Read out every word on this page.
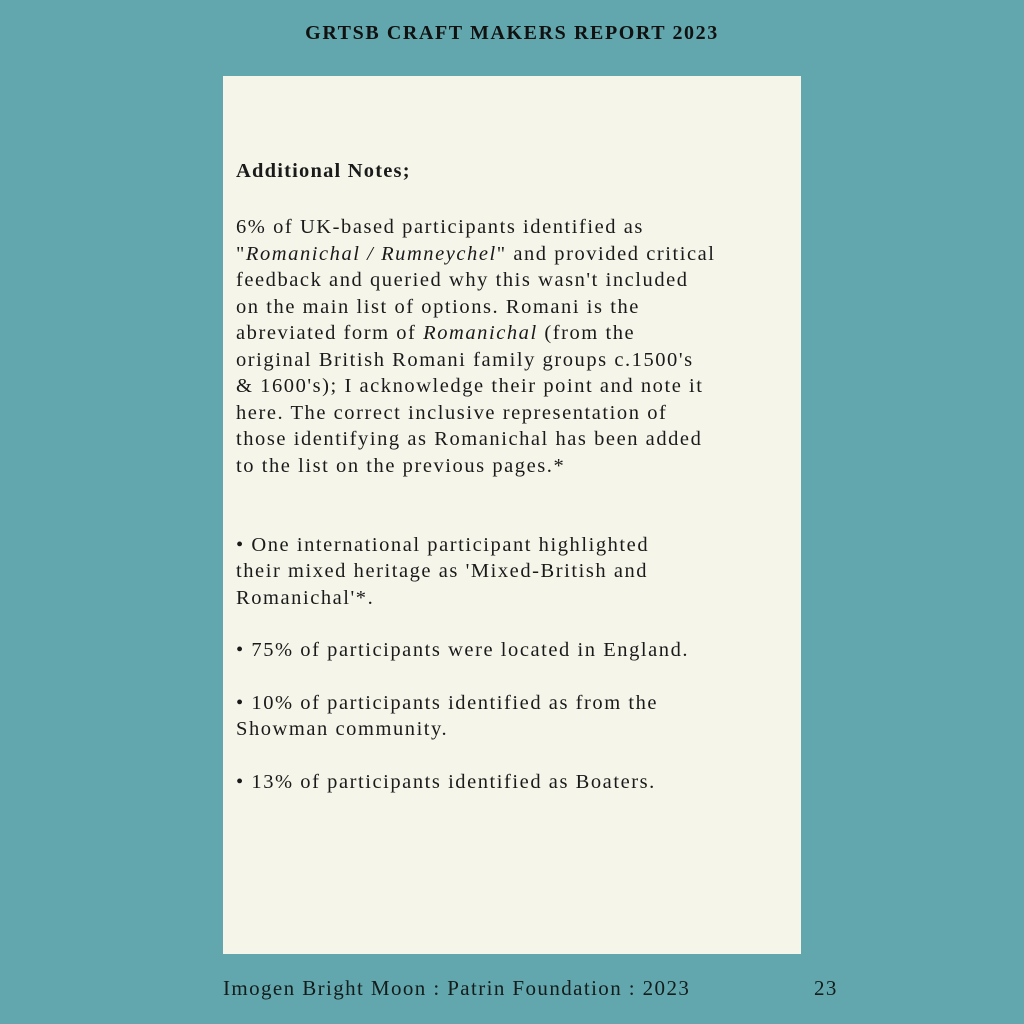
GRTSB CRAFT MAKERS REPORT 2023
Additional Notes;
6% of UK-based participants identified as
"Romanichal / Rumneychel" and provided critical
feedback and queried why this wasn't included
on the main list of options. Romani is the
abreviated form of Romanichal (from the
original British Romani family groups c.1500's
& 1600's); I acknowledge their point and note it
here. The correct inclusive representation of
those identifying as Romanichal has been added
to the list on the previous pages.*
• One international participant highlighted
their mixed heritage as 'Mixed-British and
Romanichal'*.
• 75% of participants were located in England.
• 10% of participants identified as from the
Showman community.
• 13% of participants identified as Boaters.
Imogen Bright Moon : Patrin Foundation : 2023	23
